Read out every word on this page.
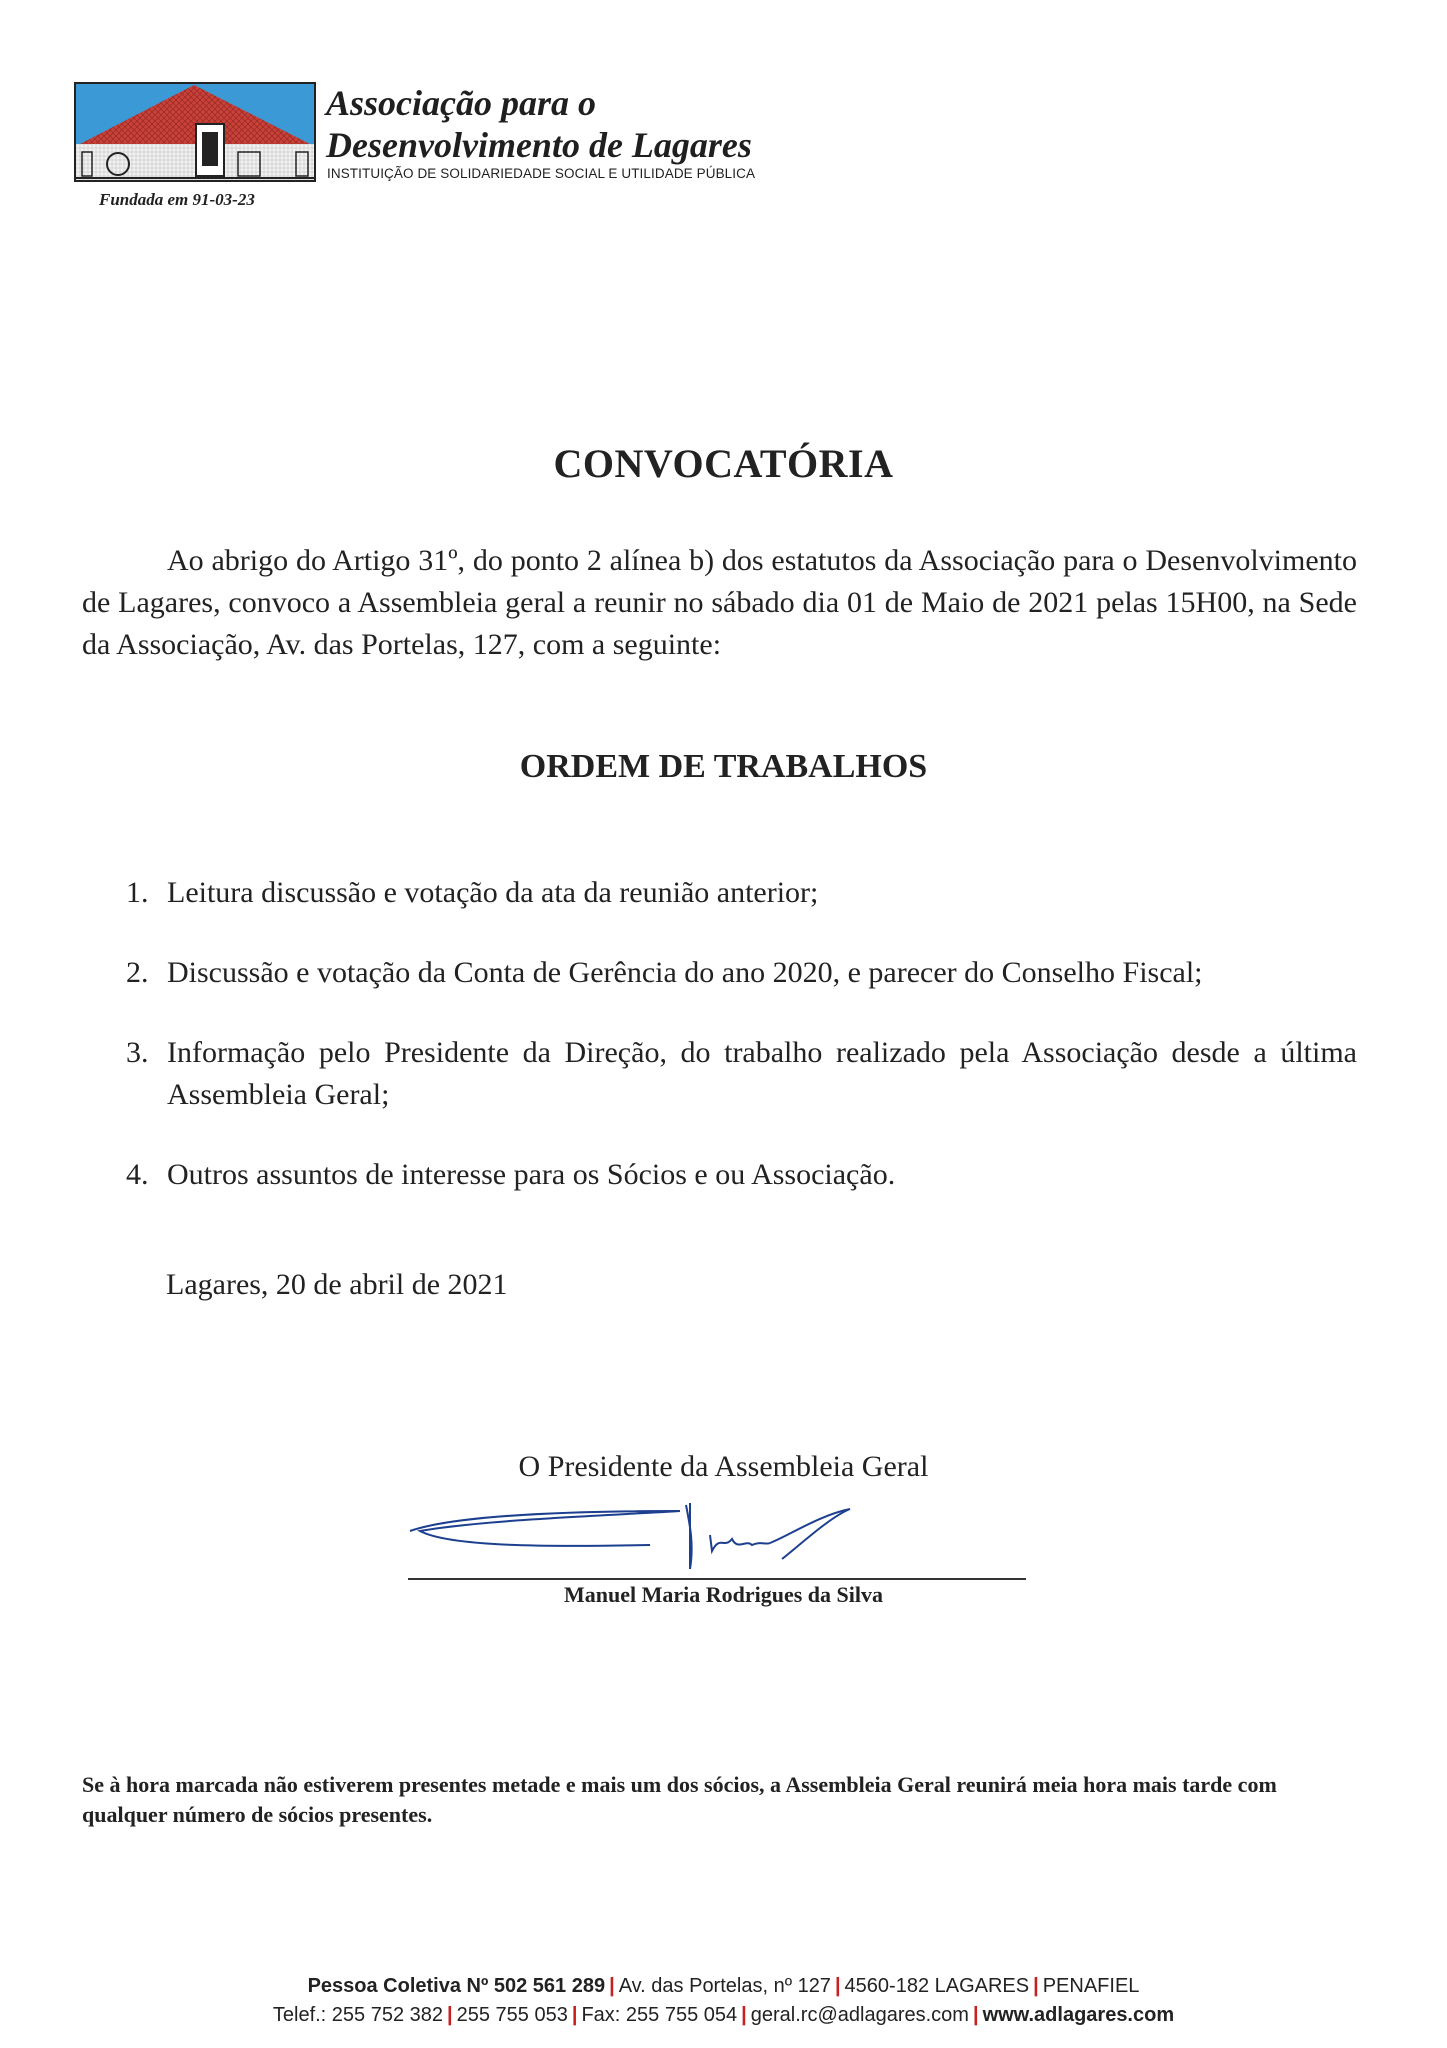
Associação para o
Desenvolvimento de Lagares
INSTITUIÇÃO DE SOLIDARIEDADE SOCIAL E UTILIDADE PÚBLICA
Fundada em 91-03-23
CONVOCATÓRIA

Ao abrigo do Artigo 31º, do ponto 2 alínea b) dos estatutos da Associação para o Desenvolvimento de Lagares, convoco a Assembleia geral a reunir no sábado dia 01 de Maio de 2021 pelas 15H00, na Sede da Associação, Av. das Portelas, 127, com a seguinte:

ORDEM DE TRABALHOS
1. Leitura discussão e votação da ata da reunião anterior;
2. Discussão e votação da Conta de Gerência do ano 2020, e parecer do Conselho Fiscal;
3. Informação pelo Presidente da Direção, do trabalho realizado pela Associação desde a última Assembleia Geral;
4. Outros assuntos de interesse para os Sócios e ou Associação.
Lagares, 20 de abril de 2021
O Presidente da Assembleia Geral
Manuel Maria Rodrigues da Silva

Se à hora marcada não estiverem presentes metade e mais um dos sócios, a Assembleia Geral reunirá meia hora mais tarde com qualquer número de sócios presentes.

Pessoa Coletiva Nº 502 561 289 | Av. das Portelas, nº 127 | 4560-182 LAGARES | PENAFIEL
Telef.: 255 752 382 | 255 755 053 | Fax: 255 755 054 | geral.rc@adlagares.com | www.adlagares.com
